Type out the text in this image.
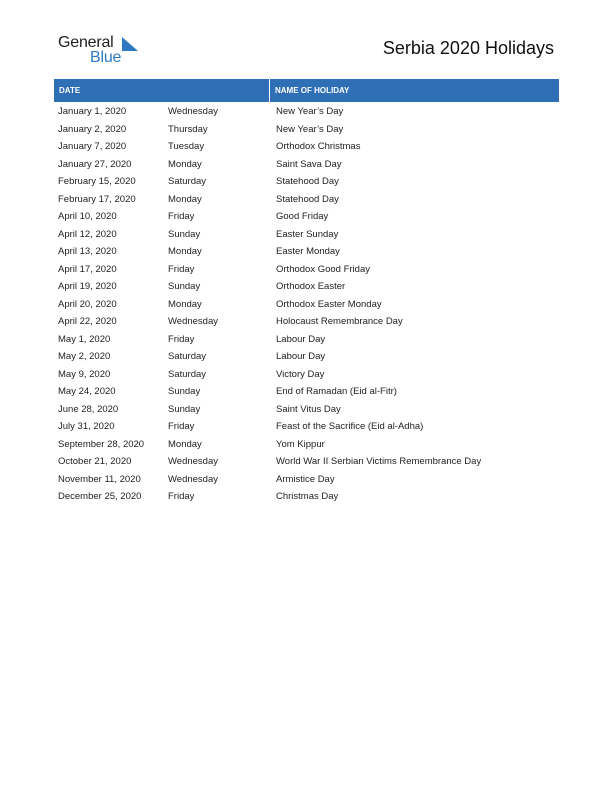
General
Blue	Serbia 2020 Holidays
DATE	NAME OF HOLIDAY
January 1, 2020	Wednesday	New Year’s Day
January 2, 2020	Thursday	New Year’s Day
January 7, 2020	Tuesday	Orthodox Christmas
January 27, 2020	Monday	Saint Sava Day
February 15, 2020	Saturday	Statehood Day
February 17, 2020	Monday	Statehood Day
April 10, 2020	Friday	Good Friday
April 12, 2020	Sunday	Easter Sunday
April 13, 2020	Monday	Easter Monday
April 17, 2020	Friday	Orthodox Good Friday
April 19, 2020	Sunday	Orthodox Easter
April 20, 2020	Monday	Orthodox Easter Monday
April 22, 2020	Wednesday	Holocaust Remembrance Day
May 1, 2020	Friday	Labour Day
May 2, 2020	Saturday	Labour Day
May 9, 2020	Saturday	Victory Day
May 24, 2020	Sunday	End of Ramadan (Eid al-Fitr)
June 28, 2020	Sunday	Saint Vitus Day
July 31, 2020	Friday	Feast of the Sacrifice (Eid al-Adha)
September 28, 2020	Monday	Yom Kippur
October 21, 2020	Wednesday	World War II Serbian Victims Remembrance Day
November 11, 2020	Wednesday	Armistice Day
December 25, 2020	Friday	Christmas Day
